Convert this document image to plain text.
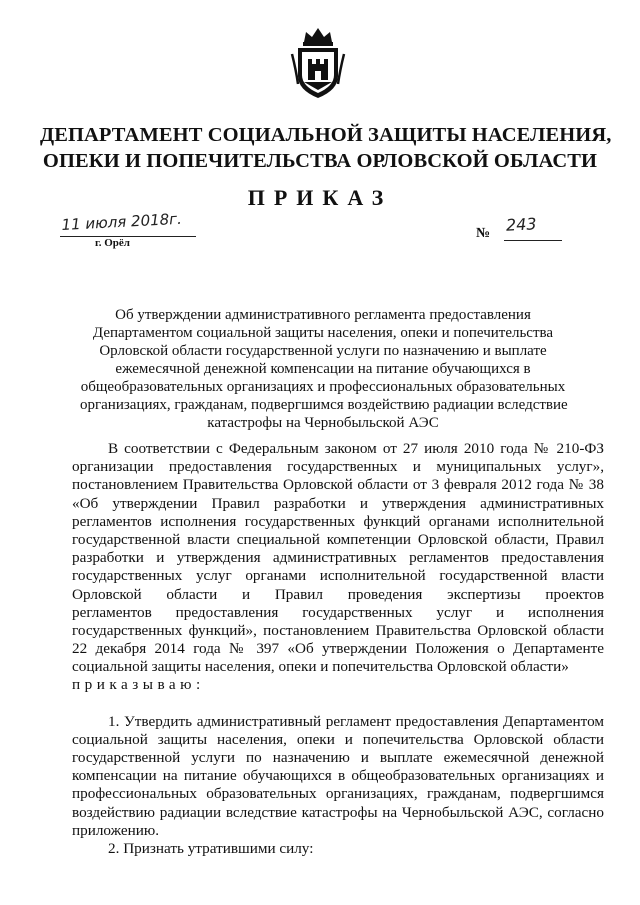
ДЕПАРТАМЕНТ СОЦИАЛЬНОЙ ЗАЩИТЫ НАСЕЛЕНИЯ,
ОПЕКИ И ПОПЕЧИТЕЛЬСТВА ОРЛОВСКОЙ ОБЛАСТИ
ПРИКАЗ
11 июля 2018г.
г. Орёл
№ 243
Об утверждении административного регламента предоставления
Департаментом социальной защиты населения, опеки и попечительства
Орловской области государственной услуги по назначению и выплате
ежемесячной денежной компенсации на питание обучающихся в
общеобразовательных организациях и профессиональных образовательных
организациях, гражданам, подвергшимся воздействию радиации вследствие
катастрофы на Чернобыльской АЭС
В соответствии с Федеральным законом от 27 июля 2010 года № 210-ФЗ
организации предоставления государственных и муниципальных услуг»,
постановлением Правительства Орловской области от 3 февраля 2012 года № 38
«Об утверждении Правил разработки и утверждения административных
регламентов исполнения государственных функций органами исполнительной
государственной власти специальной компетенции Орловской области, Правил
разработки и утверждения административных регламентов предоставления
государственных услуг органами исполнительной государственной власти
Орловской области и Правил проведения экспертизы проектов
регламентов предоставления государственных услуг и исполнения
государственных функций», постановлением Правительства Орловской области
22 декабря 2014 года № 397 «Об утверждении Положения о Департаменте
социальной защиты населения, опеки и попечительства Орловской области»
приказываю:
1. Утвердить административный регламент предоставления Департаментом
социальной защиты населения, опеки и попечительства Орловской области
государственной услуги по назначению и выплате ежемесячной денежной
компенсации на питание обучающихся в общеобразовательных организациях и
профессиональных образовательных организациях, гражданам, подвергшимся
воздействию радиации вследствие катастрофы на Чернобыльской АЭС, согласно
приложению.
2. Признать утратившими силу:
